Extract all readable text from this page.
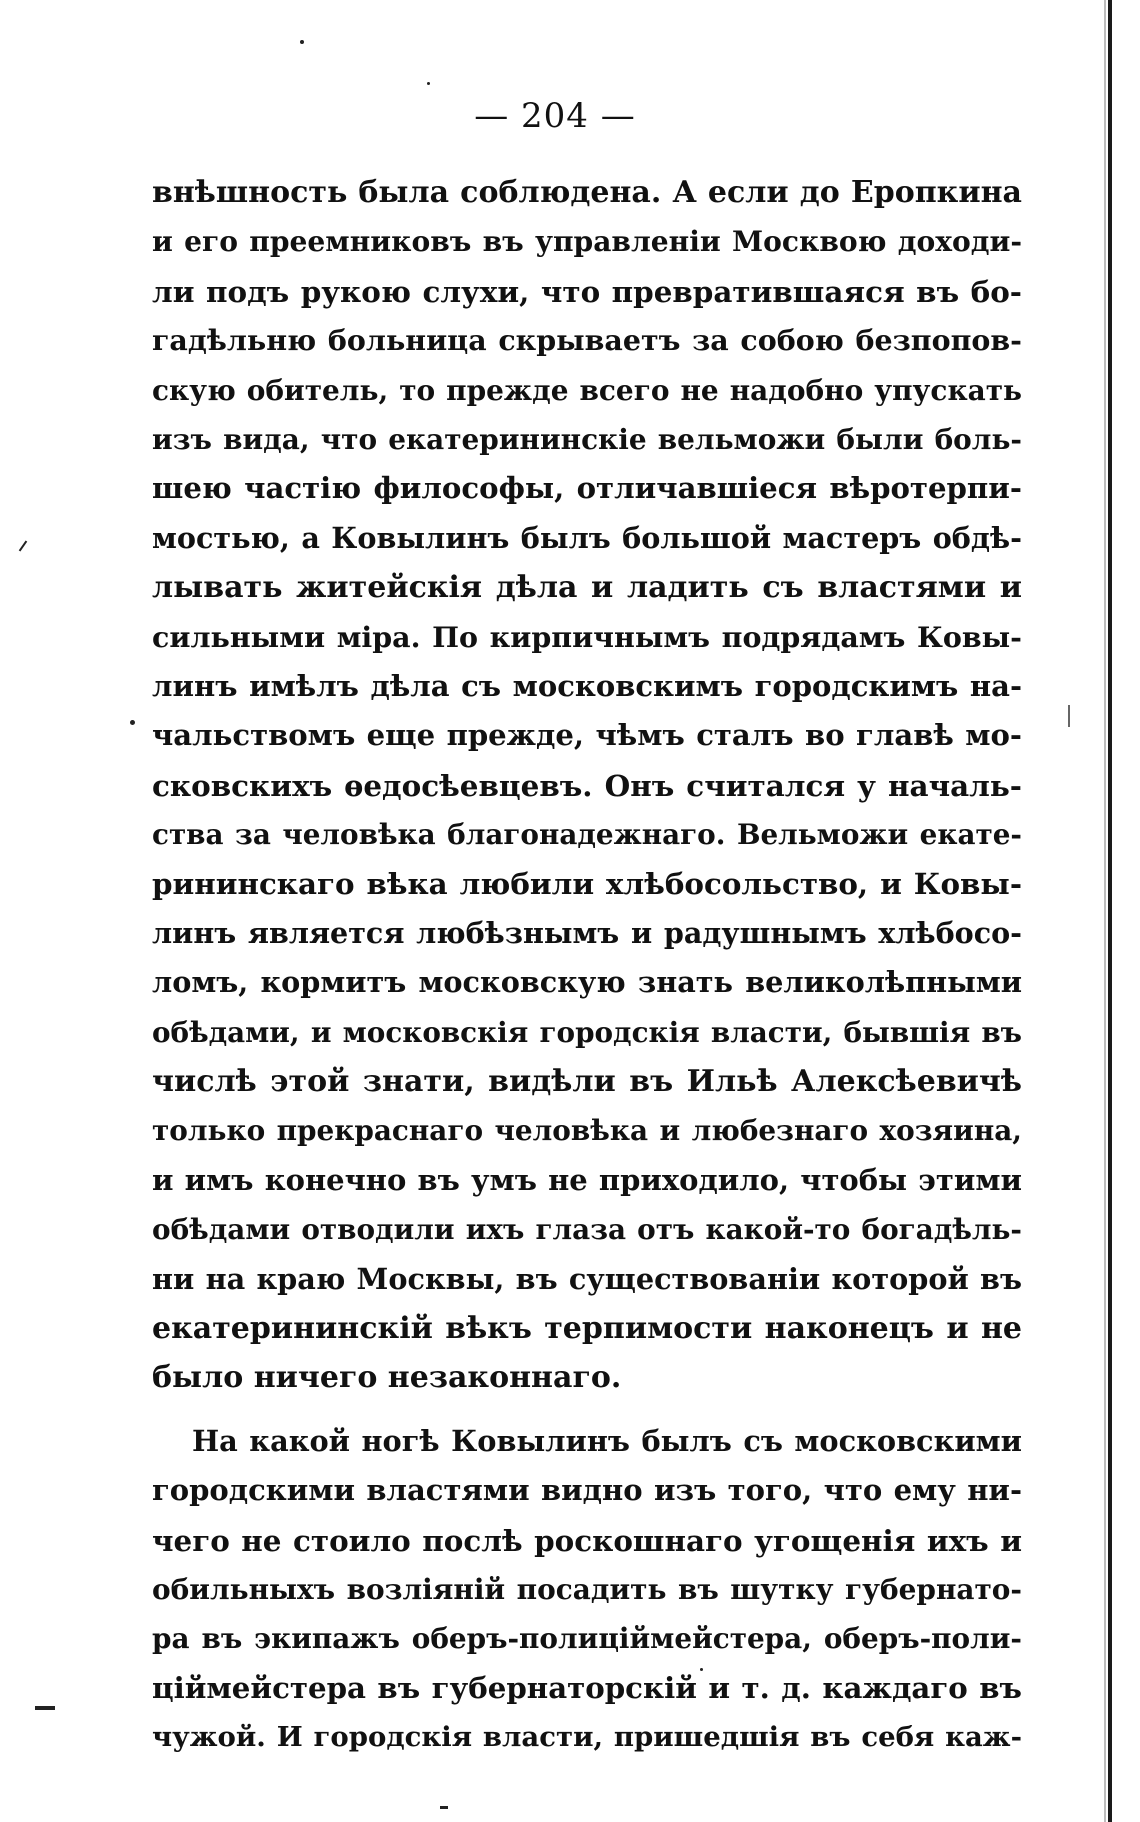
— 204 —
внѣшность была соблюдена. А если до Еропкина
и его преемниковъ въ управленіи Москвою доходи-
ли подъ рукою слухи, что превратившаяся въ бо-
гадѣльню больница скрываетъ за собою безпопов-
скую обитель, то прежде всего не надобно упускать
изъ вида, что екатерининскіе вельможи были боль-
шею частію философы, отличавшіеся вѣротерпи-
мостью, а Ковылинъ былъ большой мастеръ обдѣ-
лывать житейскія дѣла и ладить съ властями и
сильными міра. По кирпичнымъ подрядамъ Ковы-
линъ имѣлъ дѣла съ московскимъ городскимъ на-
чальствомъ еще прежде, чѣмъ сталъ во главѣ мо-
сковскихъ ѳедосѣевцевъ. Онъ считался у началь-
ства за человѣка благонадежнаго. Вельможи екате-
рининскаго вѣка любили хлѣбосольство, и Ковы-
линъ является любѣзнымъ и радушнымъ хлѣбосо-
ломъ, кормитъ московскую знать великолѣпными
обѣдами, и московскія городскія власти, бывшія въ
числѣ этой знати, видѣли въ Ильѣ Алексѣевичѣ
только прекраснаго человѣка и любезнаго хозяина,
и имъ конечно въ умъ не приходило, чтобы этими
обѣдами отводили ихъ глаза отъ какой-то богадѣль-
ни на краю Москвы, въ существованіи которой въ
екатерининскій вѣкъ терпимости наконецъ и не
было ничего незаконнаго.
На какой ногѣ Ковылинъ былъ съ московскими
городскими властями видно изъ того, что ему ни-
чего не стоило послѣ роскошнаго угощенія ихъ и
обильныхъ возліяній посадить въ шутку губернато-
ра въ экипажъ оберъ-полиціймейстера, оберъ-поли-
ціймейстера въ губернаторскій и т. д. каждаго въ
чужой. И городскія власти, пришедшія въ себя каж-
